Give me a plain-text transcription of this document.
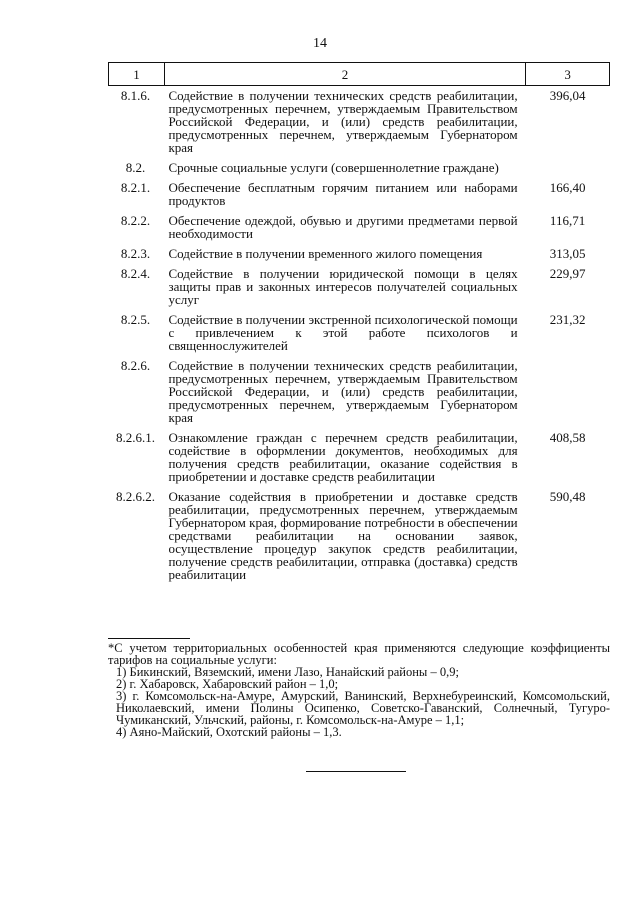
14
1	2	3
8.1.6.	Содействие в получении технических средств реабилитации, предусмотренных перечнем, утверждаемым Правительством Российской Федерации, и (или) средств реабилитации, предусмотренных перечнем, утверждаемым Губернатором края	396,04
8.2.	Срочные социальные услуги (совершеннолетние граждане)	
8.2.1.	Обеспечение бесплатным горячим питанием или наборами продуктов	166,40
8.2.2.	Обеспечение одеждой, обувью и другими предметами первой необходимости	116,71
8.2.3.	Содействие в получении временного жилого помещения	313,05
8.2.4.	Содействие в получении юридической помощи в целях защиты прав и законных интересов получателей социальных услуг	229,97
8.2.5.	Содействие в получении экстренной психологической помощи с привлечением к этой работе психологов и священнослужителей	231,32
8.2.6.	Содействие в получении технических средств реабилитации, предусмотренных перечнем, утверждаемым Правительством Российской Федерации, и (или) средств реабилитации, предусмотренных перечнем, утверждаемым Губернатором края	
8.2.6.1.	Ознакомление граждан с перечнем средств реабилитации, содействие в оформлении документов, необходимых для получения средств реабилитации, оказание содействия в приобретении и доставке средств реабилитации	408,58
8.2.6.2.	Оказание содействия в приобретении и доставке средств реабилитации, предусмотренных перечнем, утверждаемым Губернатором края, формирование потребности в обеспечении средствами реабилитации на основании заявок, осуществление процедур закупок средств реабилитации, получение средств реабилитации, отправка (доставка) средств реабилитации	590,48

*С учетом территориальных особенностей края применяются следующие коэффициенты тарифов на социальные услуги:

1) Бикинский, Вяземский, имени Лазо, Нанайский районы – 0,9;

2) г. Хабаровск, Хабаровский район – 1,0;

3) г. Комсомольск-на-Амуре, Амурский, Ванинский, Верхнебуреинский, Комсомольский, Николаевский, имени Полины Осипенко, Советско-Гаванский, Солнечный, Тугуро-Чумиканский, Ульчский, районы, г. Комсомольск-на-Амуре – 1,1;

4) Аяно-Майский, Охотский районы – 1,3.
